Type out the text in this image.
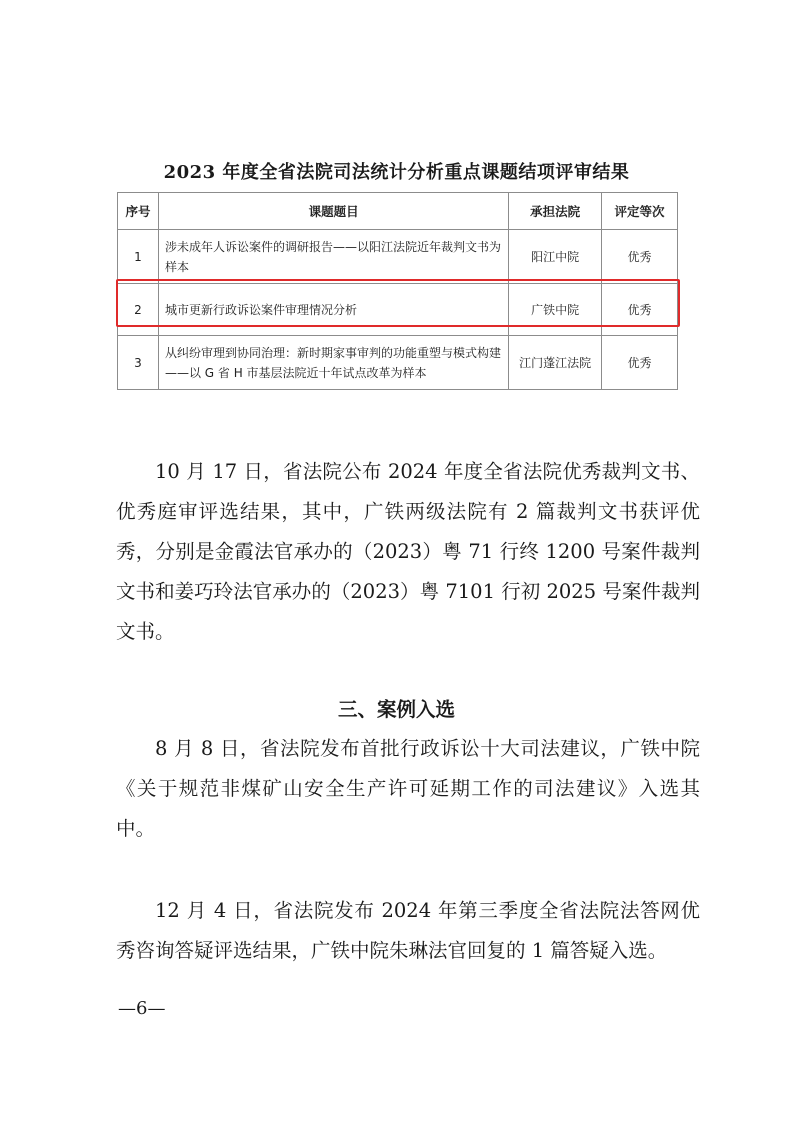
2023 年度全省法院司法统计分析重点课题结项评审结果
序号	课题题目	承担法院	评定等次
1	涉未成年人诉讼案件的调研报告——以阳江法院近年裁判文书为样本	阳江中院	优秀
2	城市更新行政诉讼案件审理情况分析	广铁中院	优秀
3	从纠纷审理到协同治理：新时期家事审判的功能重塑与模式构建——以 G 省 H 市基层法院近十年试点改革为样本	江门蓬江法院	优秀

10 月 17 日，省法院公布 2024 年度全省法院优秀裁判文书、优秀庭审评选结果，其中，广铁两级法院有 2 篇裁判文书获评优秀，分别是金霞法官承办的（2023）粤 71 行终 1200 号案件裁判文书和姜巧玲法官承办的（2023）粤 7101 行初 2025 号案件裁判文书。

三、案例入选

8 月 8 日，省法院发布首批行政诉讼十大司法建议，广铁中院《关于规范非煤矿山安全生产许可延期工作的司法建议》入选其中。

12 月 4 日，省法院发布 2024 年第三季度全省法院法答网优秀咨询答疑评选结果，广铁中院朱琳法官回复的 1 篇答疑入选。

—6—
